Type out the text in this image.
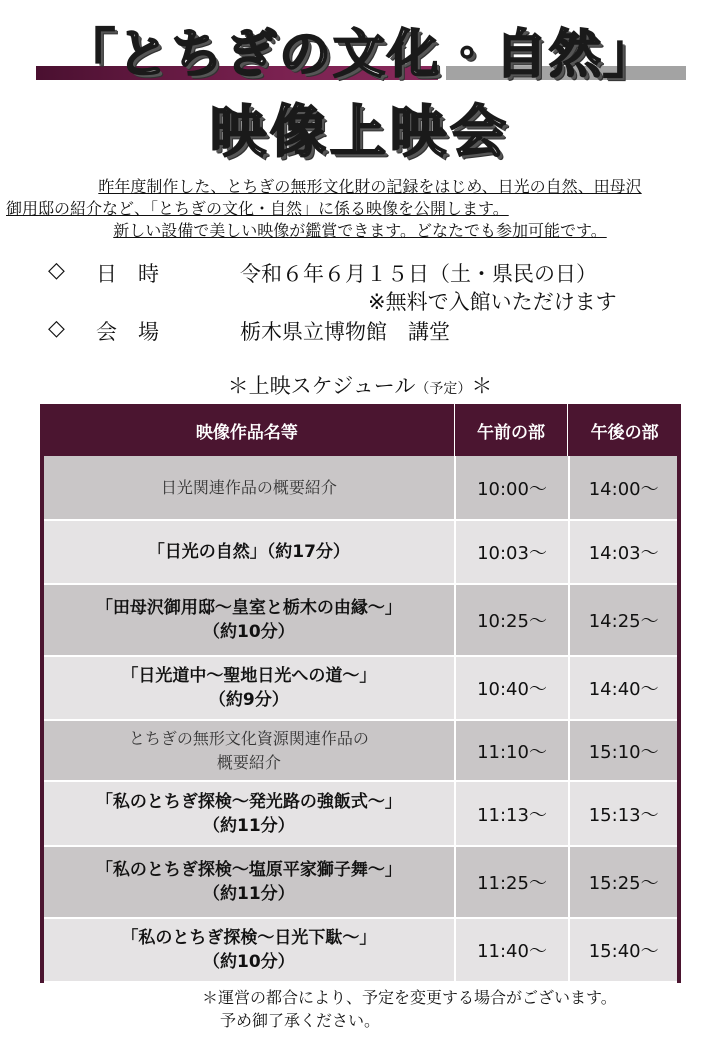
「とちぎの文化・自然」
映像上映会
昨年度制作した、とちぎの無形文化財の記録をはじめ、日光の自然、田母沢
御用邸の紹介など、「とちぎの文化・自然」に係る映像を公開します。
新しい設備で美しい映像が鑑賞できます。どなたでも参加可能です。
◇ 日　時	令和６年６月１５日（土・県民の日）
※無料で入館いただけます
◇ 会　場	栃木県立博物館　講堂
＊上映スケジュール（予定）＊
映像作品名等	午前の部	午後の部
日光関連作品の概要紹介	10:00〜	14:00〜
「日光の自然」（約17分）	10:03〜	14:03〜
「田母沢御用邸〜皇室と栃木の由縁〜」
（約10分）	10:25〜	14:25〜
「日光道中〜聖地日光への道〜」
（約9分）	10:40〜	14:40〜
とちぎの無形文化資源関連作品の
概要紹介	11:10〜	15:10〜
「私のとちぎ探検〜発光路の強飯式〜」
（約11分）	11:13〜	15:13〜
「私のとちぎ探検〜塩原平家獅子舞〜」
（約11分）	11:25〜	15:25〜
「私のとちぎ探検〜日光下駄〜」
（約10分）	11:40〜	15:40〜
＊運営の都合により、予定を変更する場合がございます。
予め御了承ください。
